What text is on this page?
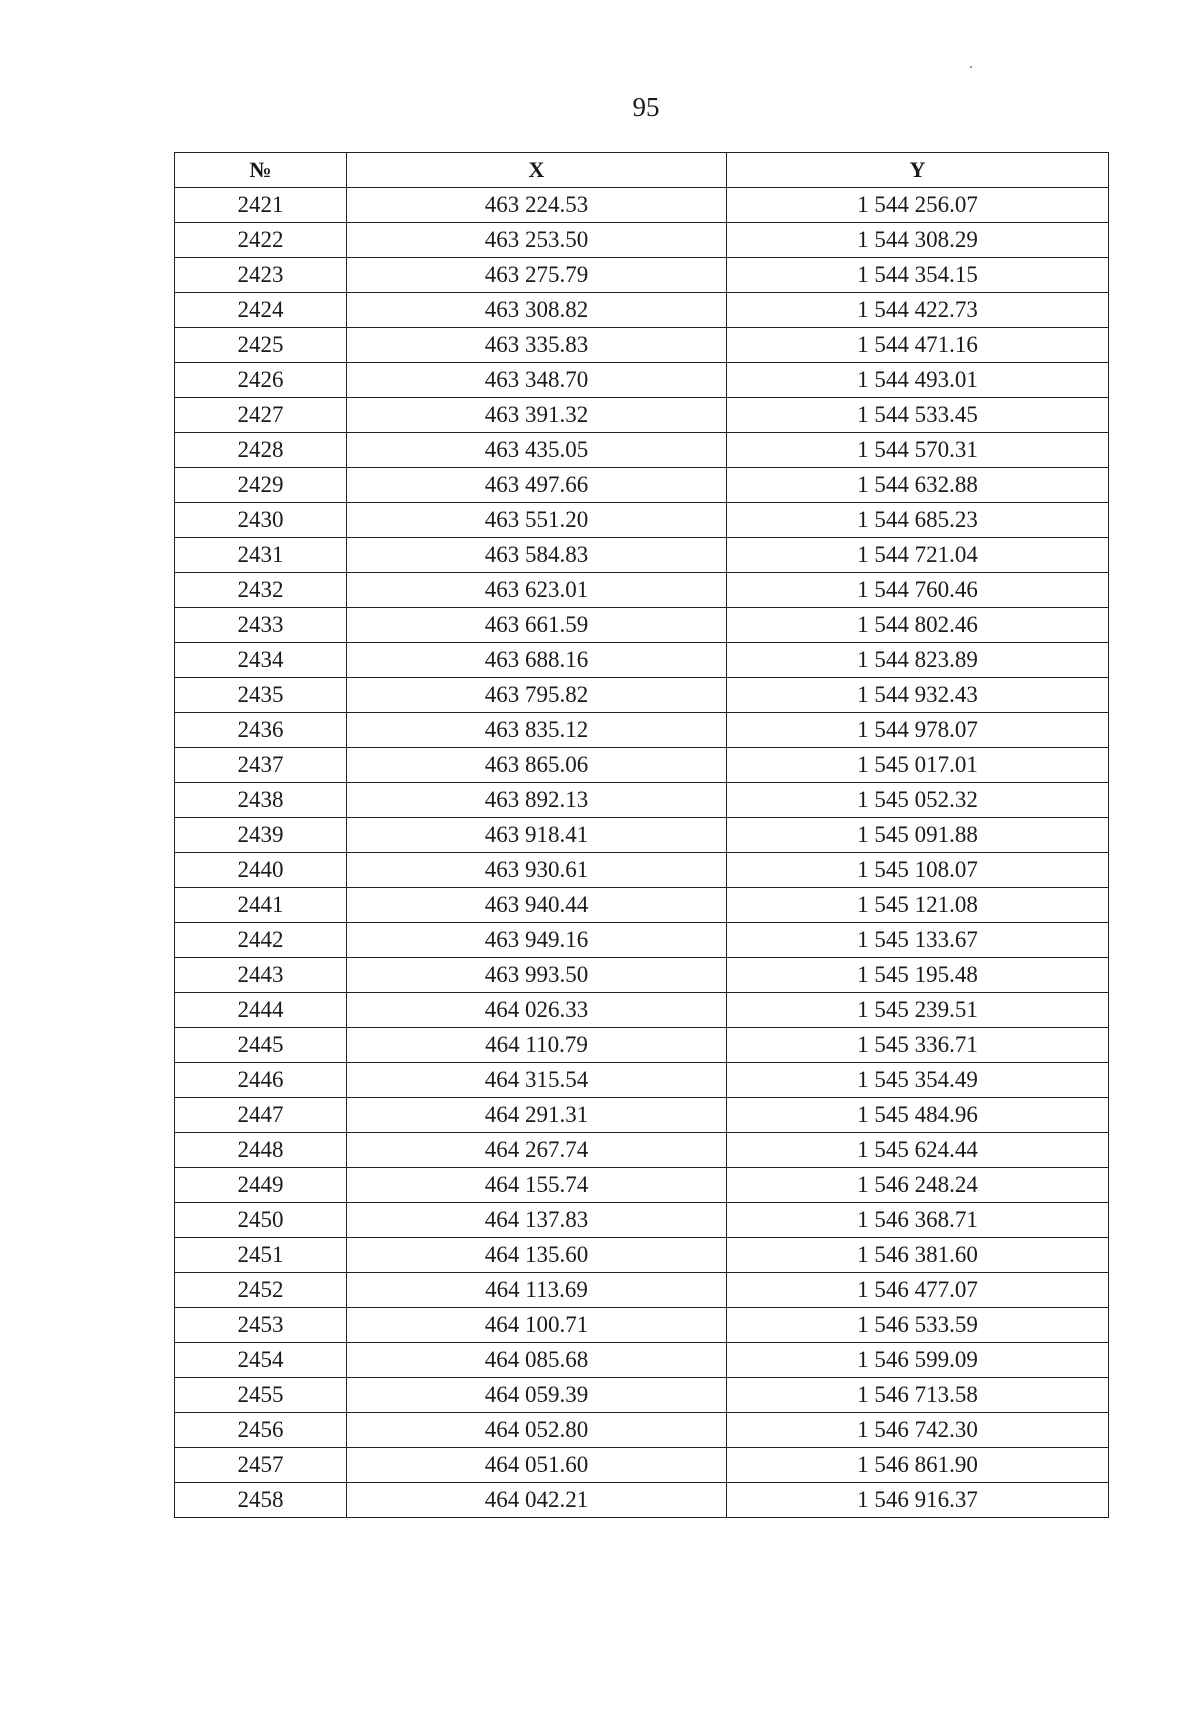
95
№	X	Y
2421	463 224.53	1 544 256.07
2422	463 253.50	1 544 308.29
2423	463 275.79	1 544 354.15
2424	463 308.82	1 544 422.73
2425	463 335.83	1 544 471.16
2426	463 348.70	1 544 493.01
2427	463 391.32	1 544 533.45
2428	463 435.05	1 544 570.31
2429	463 497.66	1 544 632.88
2430	463 551.20	1 544 685.23
2431	463 584.83	1 544 721.04
2432	463 623.01	1 544 760.46
2433	463 661.59	1 544 802.46
2434	463 688.16	1 544 823.89
2435	463 795.82	1 544 932.43
2436	463 835.12	1 544 978.07
2437	463 865.06	1 545 017.01
2438	463 892.13	1 545 052.32
2439	463 918.41	1 545 091.88
2440	463 930.61	1 545 108.07
2441	463 940.44	1 545 121.08
2442	463 949.16	1 545 133.67
2443	463 993.50	1 545 195.48
2444	464 026.33	1 545 239.51
2445	464 110.79	1 545 336.71
2446	464 315.54	1 545 354.49
2447	464 291.31	1 545 484.96
2448	464 267.74	1 545 624.44
2449	464 155.74	1 546 248.24
2450	464 137.83	1 546 368.71
2451	464 135.60	1 546 381.60
2452	464 113.69	1 546 477.07
2453	464 100.71	1 546 533.59
2454	464 085.68	1 546 599.09
2455	464 059.39	1 546 713.58
2456	464 052.80	1 546 742.30
2457	464 051.60	1 546 861.90
2458	464 042.21	1 546 916.37
